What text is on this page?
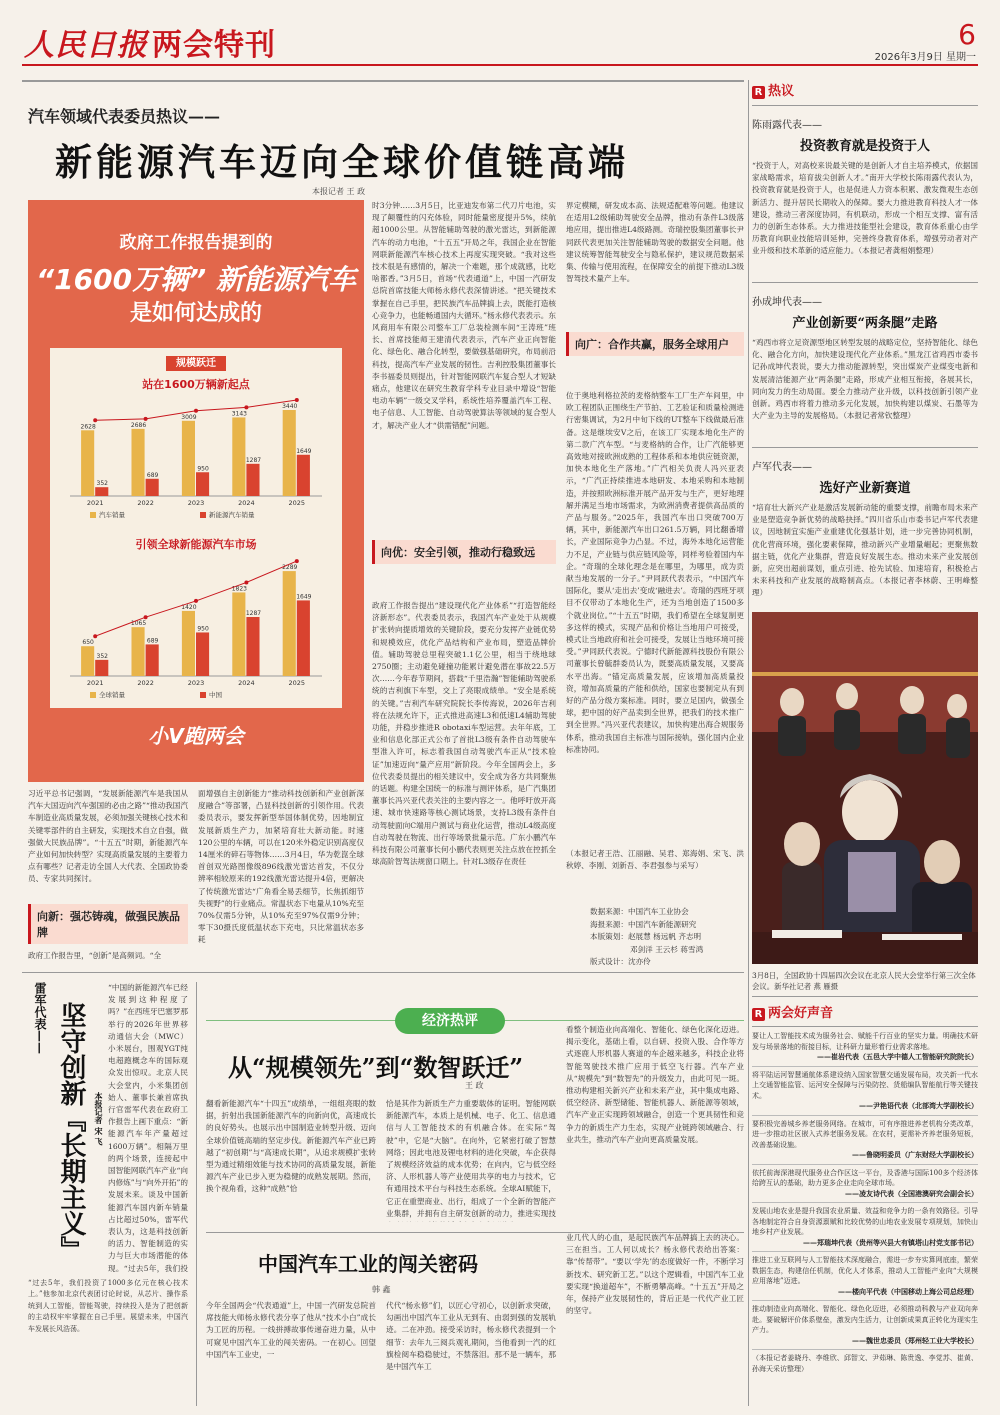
人民日报 两会特刊	6
2026年3月9日 星期一
汽车领域代表委员热议——
新能源汽车迈向全球价值链高端
本报记者 王 政
政府工作报告提到的
“1600万辆” 新能源汽车
是如何达成的
规模跃迁
站在1600万辆新起点
2628	2686
3009	3143
3440
352
689
950
1287
1649
2021	2022	2023	2024	2025
汽车销量	新能源汽车销量
引领全球新能源汽车市场
650
1065
1420
1823
2289
352
689
950
1287
1649
2021	2022	2023	2024	2025
全球销量	中国
小V跑两会
习近平总书记强调，“发展新能源汽车是我国从汽车大国迈向汽车强国的必由之路”“推动我国汽车制造业高质量发展，必须加强关键核心技术和关键零部件的自主研发，实现技术自立自强，做强做大民族品牌”。“十五五”时期，新能源汽车产业如何加快转型？实现高质量发展的主要着力点有哪些？记者走访全国人大代表、全国政协委员、专家共同探讨。
向新：强芯铸魂，做强民族品牌
政府工作报告里，“创新”是高频词。“全
面增强自主创新能力“推动科技创新和产业创新深度融合”等部署，凸显科技创新的引领作用。代表委员表示，要发挥新型举国体制优势，因地制宜发展新质生产力，加紧培育壮大新动能。时速120公里的车辆，可以在120米外稳定识别高度仅14厘米的碎石等物体……3月4日，华为乾崑全球首创双光路图像级896线激光雷达首发，不仅分辨率相较原来的192线激光雷达提升4倍，更解决了传统激光雷达“广角看全易丢细节，长焦抓细节失视野”的行业痛点。常温状态下电量从10%充至70%仅需5分钟，从10%充至97%仅需9分钟；零下30摄氏度低温状态下充电，只比常温状态多耗
时3分钟……3月5日，比亚迪发布第二代刀片电池，实现了颠覆性的闪充体验，同时能量密度提升5%，续航超1000公里。从智能辅助驾驶的激光雷达，到新能源汽车的动力电池，“十五五”开局之年，我国企业在智能网联新能源汽车核心技术上再度实现突破。“我对这些技术很是有感情的，解决一个难题，那个成就感，比吃啥都香。”3月5日，首场“代表通道”上，中国一汽研发总院首席技能大师杨永修代表深情讲述。“把关键技术掌握在自己手里，把民族汽车品牌搞上去，既能打造核心竞争力，也能畅通国内大循环。”杨永修代表表示。东风商用车有限公司整车工厂总装检测车间“王涛班”班长、首席技能师王建清代表表示，汽车产业正向智能化、绿色化、融合化转型，要做强基础研究，布局前沿科技，提高汽车产业发展的韧性。吉利控股集团董事长李书福委员则提出，针对智能网联汽车复合型人才短缺痛点，他建议在研究生教育学科专业目录中增设“智能电动车辆”一级交叉学科，系统性培养覆盖汽车工程、电子信息、人工智能、自动驾驶算法等领域的复合型人才，解决产业人才“供需错配”问题。
向优：安全引领，推动行稳致远
政府工作报告提出“建设现代化产业体系”“打造智能经济新形态”。代表委员表示，我国汽车产业处于从规模扩张转向提质增效的关键阶段，要充分发挥产业链优势和规模效应，优化产品结构和产业布局，塑造品牌价值。辅助驾驶总里程突破1.1亿公里，相当于绕地球2750圈；主动避免碰撞功能累计避免潜在事故22.5万次……今年春节期间，搭载“千里浩瀚”智能辅助驾驶系统的吉利旗下车型，交上了亮眼成绩单。“安全是系统的关键。”吉利汽车研究院院长李传海说，2026年吉利将在法规允许下，正式推进高速L3和低速L4辅助驾驶功能，并稳步推进R obotaxi车型运营。去年年底，工业和信息化部正式公布了首批L3级有条件自动驾驶车型准入许可，标志着我国自动驾驶汽车正从“技术验证”加速迈向“量产应用”新阶段。今年全国两会上，多位代表委员提出的相关建议中，安全成为各方共同聚焦的话题。构建全国统一的标准与测评体系，是广汽集团董事长冯兴亚代表关注的主要内容之一。他呼吁放开高速、城市快速路等核心测试场景，支持L3级有条件自动驾驶面向C端用户测试与商业化运营，推动L4级高度自动驾驶在物流、出行等场景批量示范。广东小鹏汽车科技有限公司董事长何小鹏代表则更关注点放在控抓全球高阶智驾法规窗口期上。针对L3级存在责任
界定模糊，研发成本高、法规适配难等问题。他建议在适用L2级辅助驾驶安全品牌，推动有条件L3级落地应用，提出推进L4级路测。奇瑞控股集团董事长尹同跃代表更加关注智能辅助驾驶的数据安全问题。他建议统筹智能驾驶安全与隐私保护，建议规范数据采集、传输与使用流程，在保障安全的前提下推动L3级智驾技术量产上车。
向广：合作共赢，服务全球用户
位于奥地利格拉茨的麦格纳整车工厂生产车间里，中欧工程团队正围绕生产节拍、工艺验证和质量检测进行密集调试，为2月中旬下线的UT整车下线做最后准备。这是继埃安V之后，在该工厂实现本地化生产的第二款广汽车型。“与麦格纳的合作，让广汽能够更高效地对接欧洲成熟的工程体系和本地供应链资源，加快本地化生产落地。”广汽相关负责人冯兴亚表示，“广汽正持续推进本地研发、本地采购和本地制造，并按照欧洲标准开展产品开发与生产，更好地理解并满足当地市场需求，为欧洲消费者提供高品质的产品与服务。”2025年，我国汽车出口突破700万辆，其中，新能源汽车出口261.5万辆，同比翻番增长，产业国际竞争力凸显。不过，海外本地化运营能力不足，产业链与供应链风险等，同样考验着国内车企。“奇瑞的全球化理念是在哪里，为哪里，成为贡献当地发展的一分子。”尹同跃代表表示，“中国汽车国际化，要从‘走出去’变成‘融进去’。奇瑞的西班牙项目不仅带动了本地化生产，还为当地创造了1500多个就业岗位。”“十五五”时期，我们希望在全球复制更多这样的模式，实现产品和价格让当地用户可接受，模式让当地政府和社会可接受，发展让当地环境可接受。”尹同跃代表说。宁德时代新能源科技股份有限公司董事长曾毓群委员认为，既要高质量发展，又要高水平出海。“锚定高质量发展，应该增加高质量投资，增加高质量的产能和供给，国家也要制定从有到好的产品分级方案标准。同时，要立足国内，做强全球，把中国的好产品卖到全世界，把我们的技术推广到全世界。”冯兴亚代表建议，加快构建出海合规服务体系，推动我国自主标准与国际接轨，强化国内企业标准协同。
（本报记者王浩、江丽融、吴君、郑海娟、宋飞、洪秋婷、李刚、刘新吾、李君强参与采写）
数据来源：中国汽车工业协会
海报来源：中国汽车新能源研究
本版策划：赵展慧 杨远帆 齐志明
邓剑洋 王云杉 蒋雪鸿
版式设计：沈亦伶
雷军代表—— 坚守创新『长期主义』 本报记者 宋 飞
“中国的新能源汽车已经发展到这种程度了吗？”在西班牙巴塞罗那举行的2026年世界移动通信大会（MWC）小米展台，围观YGT纯电超跑概念车的国际观众发出惊叹。北京人民大会堂内，小米集团创始人、董事长兼首席执行官雷军代表在政府工作报告上画下重点：“新能源汽车年产量超过1600万辆”。相隔万里的两个场景，连接起中国智能网联汽车产业“向内修炼”与“向外开拓”的发展未来。谈及中国新能源汽车国内新车销量占比超过50%，雷军代表认为，这是科技创新的活力、智能制造的实力与巨大市场潜能的体现。“过去5年，我们投
“过去5年，我们投资了1000多亿元在核心技术上。”他参加北京代表团讨论时说，从芯片、操作系统到人工智能，智能驾驶，持续投入是为了把创新的主动权牢牢掌握在自己手里。展望未来，中国汽车发展长风浩荡。
经济热评
从“规模领先”到“数智跃迁”
王 政
翻看新能源汽车“十四五”成绩单，一组组亮眼的数据，折射出我国新能源汽车的向新向优，高速成长的良好势头。也展示出中国制造业转型升级、迈向全球价值链高端的坚定步伐。新能源汽车产业已跨越了“初创期”与“高速成长期”，从追求规模扩张转型为通过精细效能与技术协同的高质量发展，新能源汽车产业已步入更为稳健的成熟发展期。然而，换个视角看，这种“成熟”恰
恰是其作为新质生产力重要载体的证明。智能网联新能源汽车，本质上是机械、电子、化工、信息通信与人工智能技术的有机融合体。在实际“驾驶”中，它是“大脑”。在向外，它紧密打破了智慧网络；因此电池及锂电材料的进化突破，车企获得了规模经济效益的成本优势；在向内，它与低空经济、人形机器人等产业使用共享的电力与技术，它有通用技术平台与科技生态系统。全球AI赋能下，它正在重塑商业、出行，组成了一个全新的智能产业集群，并拥有自主研发创新的动力，推进实现技
看整个制造业向高端化、智能化、绿色化深化迈进。揭示变化，基础上看，以自研、投资入股、合作等方式逐鹿人形机器人赛道的车企越来越多，科技企业将智能驾驶技术推广应用于低空飞行器。汽车产业从“规模先”到“数智先”的升级发力，由此可见一斑。推动构建相关新兴产业和未来产业，其中集成电路、低空经济、新型储能、智能机器人、新能源等领域，汽车产业正实现跨领域融合，创造一个更具韧性和竞争力的新质生产力生态，实现产业链跨领域融合、行业共生，推动汽车产业向更高质量发展。
中国汽车工业的闯关密码
韩 鑫
今年全国两会“代表通道”上，中国一汽研发总院首席技能大师杨永修代表分享了他从“技术小白”成长为工匠的历程。一线拼搏故事传递奋进力量，从中可窥见中国汽车工业的闯关密码。一在初心。回望中国汽车工业史，一
代代“杨永修”们，以匠心守初心，以创新求突破，勾画出中国汽车工业从无到有、由弱到强的发展轨迹。二在冲劲。接受采访时，杨永修代表提到一个细节：去年九三阅兵观礼期间，当他看到一汽的红旗检阅车稳稳驶过，不禁落泪。那不是一辆车，那是中国汽车工
业几代人的心血，是起民族汽车品牌搞上去的决心。三在担当。工人何以成长？杨永修代表给出答案：靠“传帮带”。“要以‘学先’的态度做好一件，不断学习新技术、研究新工艺。”以这个逻辑看，中国汽车工业要实现“换道超车”，不断勇攀高峰。“十五五”开局之年，保持产业发展韧性的，背后正是一代代产业工匠的坚守。
R 热议
陈雨露代表——
投资教育就是投资于人
“投资于人，对高校来说最关键的是创新人才自主培养模式，依据国家战略需求，培育拔尖创新人才。”南开大学校长陈雨露代表认为，投资教育就是投资于人，也是促进人力资本积累、激发微观生态创新活力、提升居民长期收入的保障。要大力推进教育科技人才一体建设，推动三者深度协同，有机联动，形成一个相互支撑、富有活力的创新生态体系。大力推进技能型社会建设，教育体系重心由学历教育向职业技能培训延伸，完善终身教育体系，增强劳动者对产业升级和技术革新的适应能力。（本报记者龚相娟整理）
孙成坤代表——
产业创新要“两条腿”走路
“鸡西市将立足资源型地区转型发展的战略定位，坚持智能化、绿色化、融合化方向，加快建设现代化产业体系。”黑龙江省鸡西市委书记孙成坤代表说，要大力推动能源转型，突出煤炭产业煤变电新和发展清洁能源产业“两条腿”走路，形成产业相互衔接，各展其长，同向发力的生动局面。要全力推动产业升级，以科技创新引领产业创新。鸡西市将着力推动多元化发展，加快构建以煤炭、石墨等为大产业为主导的发展格局。（本报记者常钦整理）
卢军代表——
选好产业新赛道
“培育壮大新兴产业是激活发展新动能的重要支撑，前瞻布局未来产业是塑造竞争新优势的战略抉择。”四川省乐山市委书记卢军代表建议，因地制宜实施产业重建优化强基计划，进一步完善协同机制，优化营商环境，强化要素保障，推动新兴产业增量崛起；更聚焦数据主链，优化产业集群，营造良好发展生态。推动未来产业发展创新，应突出超前谋划，重点引进、抢先试验、加速培育，积极抢占未来科技和产业发展的战略制高点。（本报记者李林蔚、王明峰整理）
3月8日，全国政协十四届四次会议在北京人民大会堂举行第三次全体会议。新华社记者 燕 雁摄
R 两会好声音
要让人工智能技术成为服务社会、赋能千行百业的坚实力量。明确技术研发与场景落地的衔接目标，让科研力量形着行业需求落地。
——崔岩代表（五邑大学中德人工智能研究院院长）
将平陆运河智慧通航体系建设纳入国家智慧交通发展布局，攻关新一代水上交通智能监管、运河安全保障与污染防控、货船编队智能航行等关键技术。
——尹艳语代表（北部湾大学副校长）
要积极完善城乡养老服务网络。在城市，可有序推进养老机构分类改革，进一步推动社区嵌入式养老服务发展。在农村，更需补齐养老服务短板，改善基础设施。
——鲁晓明委员（广东财经大学副校长）
依托前海深港现代服务业合作区这一平台，及香港与国际100多个经济体给跨互认的基础，助力更多企业走向全球市场。
——凌友诗代表（全国港澳研究会副会长）
发展山地农业是提升我国农业质量、效益和竞争力的一条有效路径。引导各地制定符合自身资源禀赋和比较优势的山地农业发展专项规划，加快山地乡村产业发展。
——郑瑞坤代表（贵州等兴县大有镇塔山村党支部书记）
推进工业互联网与人工智能技术深度融合，需进一步夯实算网底座，繁荣数据生态，构建信任机制，优化人才体系，推动人工智能产业向“大规模应用落地”迈进。
——楼向平代表（中国移动上海公司总经理）
推动制造业向高端化、智能化、绿色化迈进，必须推动科教与产业双向奔赴。要破解评价体系壁垒，激发内生活力，让创新成果真正转化为现实生产力。
——魏世忠委员（郑州轻工业大学校长）
（本报记者姜晓丹、李维欣、邱智文、尹茹琳、陈贵逸、李觉苏、崔黄、孙海天采访整理）
